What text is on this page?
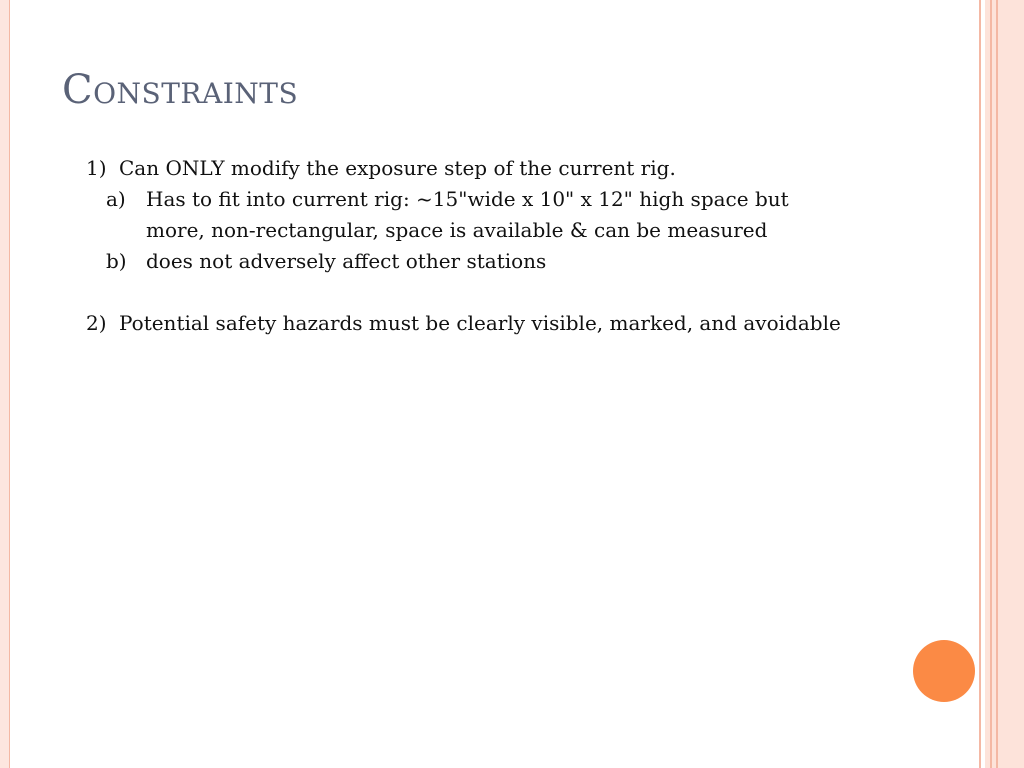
Constraints
1) Can ONLY modify the exposure step of the current rig.
a)	Has to fit into current rig: ~15"wide x 10" x 12" high space but more, non-rectangular, space is available & can be measured
b) does not adversely affect other stations
2) Potential safety hazards must be clearly visible, marked, and avoidable
